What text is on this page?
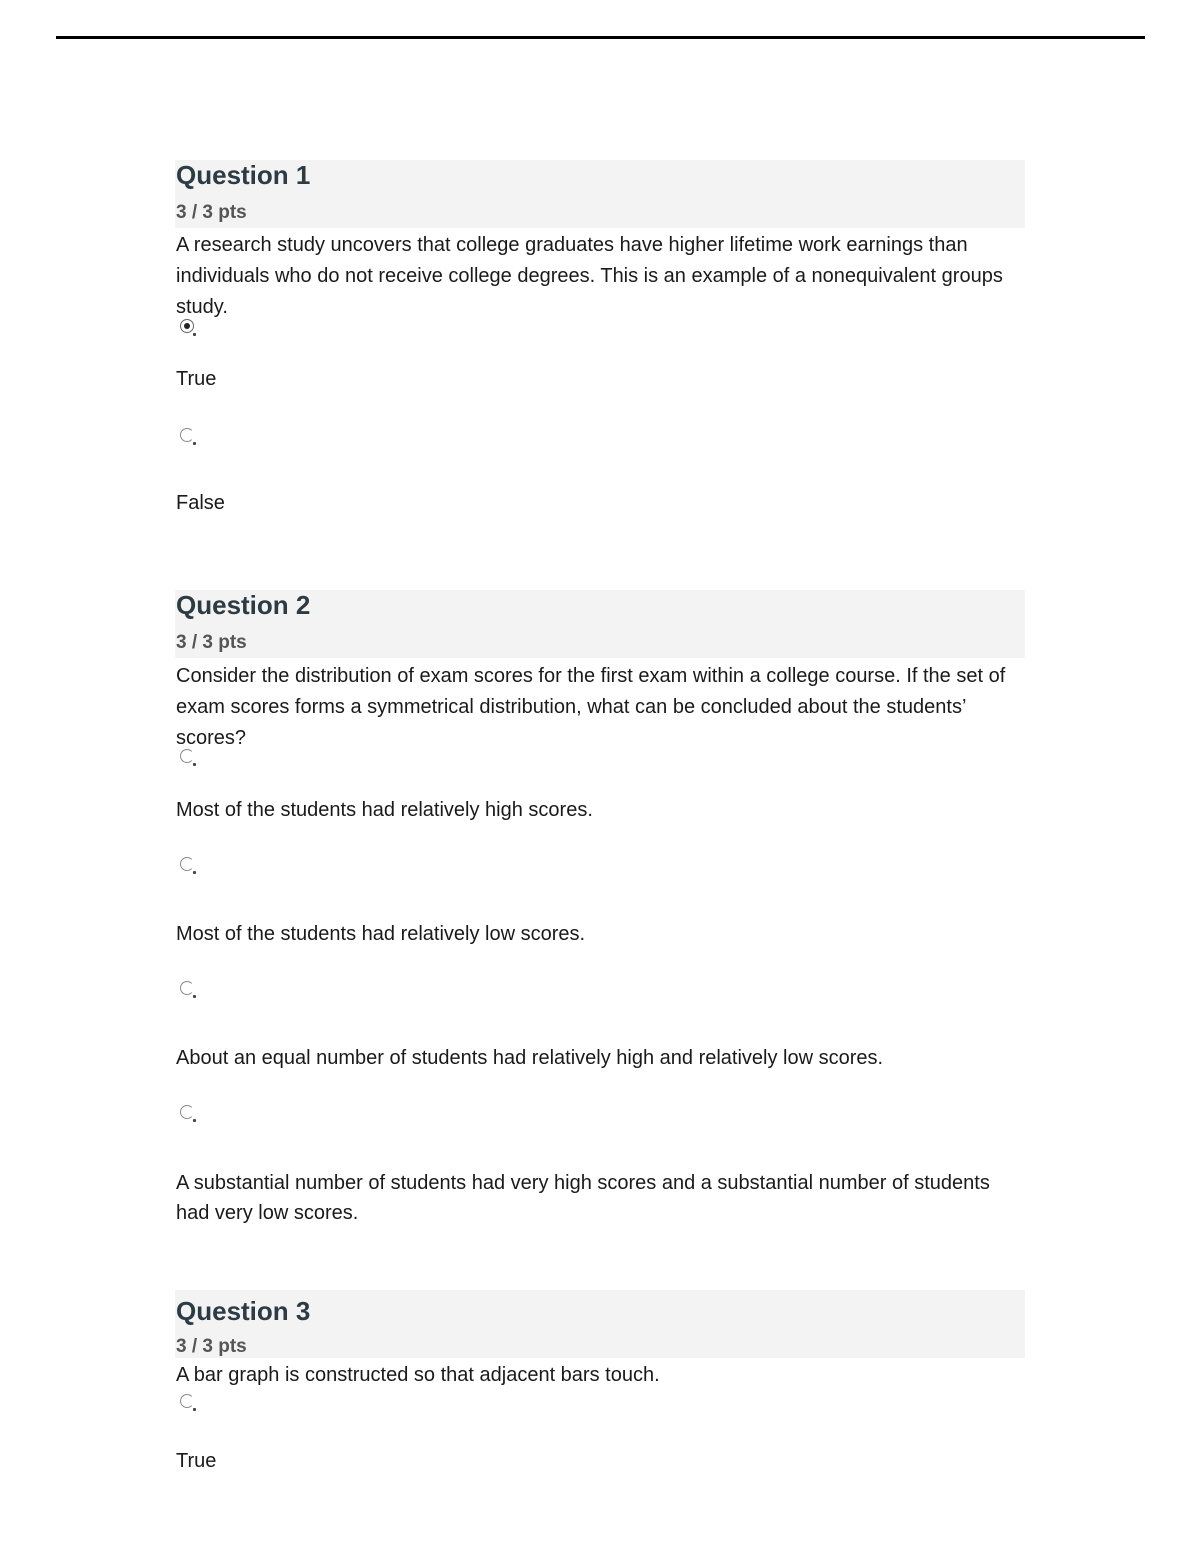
Question 1
3 / 3 pts
A research study uncovers that college graduates have higher lifetime work earnings than individuals who do not receive college degrees. This is an example of a nonequivalent groups study.
True
False
Question 2
3 / 3 pts
Consider the distribution of exam scores for the first exam within a college course. If the set of exam scores forms a symmetrical distribution, what can be concluded about the students’ scores?
Most of the students had relatively high scores.
Most of the students had relatively low scores.
About an equal number of students had relatively high and relatively low scores.
A substantial number of students had very high scores and a substantial number of students had very low scores.
Question 3
3 / 3 pts
A bar graph is constructed so that adjacent bars touch.
True
